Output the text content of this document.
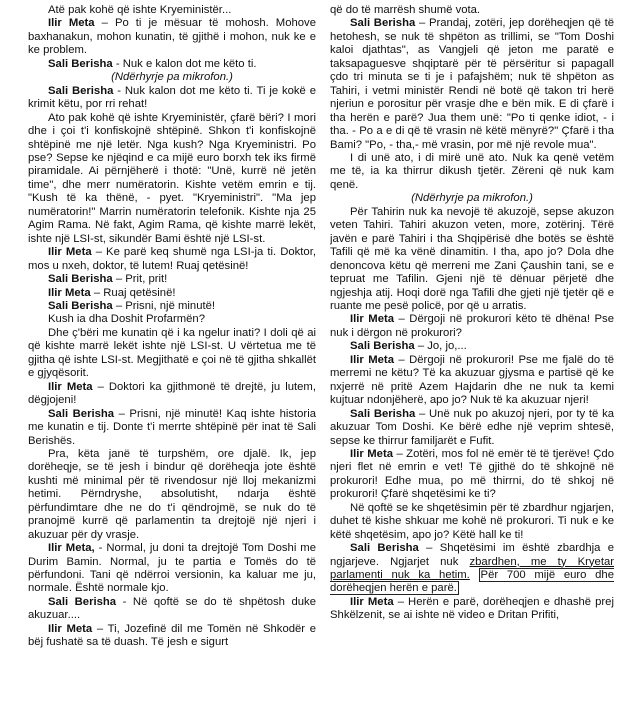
Atë pak kohë që ishte Kryeministër...

Ilir Meta – Po ti je mësuar të mohosh. Mohove baxhanakun, mohon kunatin, të gjithë i mohon, nuk ke e ke problem.

Sali Berisha - Nuk e kalon dot me këto ti.

(Ndërhyrje pa mikrofon.)

Sali Berisha - Nuk kalon dot me këto ti. Ti je kokë e krimit këtu, por rri rehat!

Ato pak kohë që ishte Kryeministër, çfarë bëri? I mori dhe i çoi t'i konfiskojnë shtëpinë. Shkon t'i konfiskojnë shtëpinë me një letër. Nga kush? Nga Kryeministri. Po pse? Sepse ke njëqind e ca mijë euro borxh tek iks firmë piramidale. Ai përnjëherë i thotë: "Unë, kurrë në jetën time", dhe merr numëratorin. Kishte vetëm emrin e tij. "Kush të ka thënë, - pyet. "Kryeministri". "Ma jep numëratorin!" Marrin numëratorin telefonik. Kishte nja 25 Agim Rama. Në fakt, Agim Rama, që kishte marrë lekët, ishte një LSI-st, sikundër Bami është një LSI-st.

Ilir Meta – Ke parë keq shumë nga LSI-ja ti. Doktor, mos u nxeh, doktor, të lutem! Ruaj qetësinë!

Sali Berisha – Prit, prit!

Ilir Meta – Ruaj qetësinë!

Sali Berisha – Prisni, një minutë!

Kush ia dha Doshit Profarmën?

Dhe ç'bëri me kunatin që i ka ngelur inati? I doli që ai që kishte marrë lekët ishte një LSI-st. U vërtetua me të gjitha që ishte LSI-st. Megjithatë e çoi në të gjitha shkallët e gjyqësorit.

Ilir Meta – Doktori ka gjithmonë të drejtë, ju lutem, dëgjojeni!

Sali Berisha – Prisni, një minutë! Kaq ishte historia me kunatin e tij. Donte t'i merrte shtëpinë për inat të Sali Berishës.

Pra, këta janë të turpshëm, ore djalë. Ik, jep dorëheqje, se të jesh i bindur që dorëheqja jote është kushti më minimal për të rivendosur një lloj mekanizmi hetimi. Përndryshe, absolutisht, ndarja është përfundimtare dhe ne do t'i qëndrojmë, se nuk do të pranojmë kurrë që parlamentin ta drejtojë një njeri i akuzuar për dy vrasje.

Ilir Meta, - Normal, ju doni ta drejtojë Tom Doshi me Durim Bamin. Normal, ju te partia e Tomës do të përfundoni. Tani që ndërroi versionin, ka kaluar me ju, normale. Është normale kjo.

Sali Berisha - Në qoftë se do të shpëtosh duke akuzuar....

Ilir Meta – Ti, Jozefinë dil me Tomën në Shkodër e bëj fushatë sa të duash. Të jesh e sigurt

që do të marrësh shumë vota.

Sali Berisha – Prandaj, zotëri, jep dorëheqjen që të hetohesh, se nuk të shpëton as trillimi, se "Tom Doshi kaloi djathtas", as Vangjeli që jeton me paratë e taksapaguesve shqiptarë për të përsëritur si papagall çdo tri minuta se ti je i pafajshëm; nuk të shpëton as Tahiri, i vetmi ministër Rendi në botë që takon tri herë njeriun e porositur për vrasje dhe e bën mik. E di çfarë i tha herën e parë? Jua them unë: "Po ti qenke idiot, - i tha. - Po a e di që të vrasin në këtë mënyrë?" Çfarë i tha Bami? "Po, - tha,- më vrasin, por më një revole mua".

I di unë ato, i di mirë unë ato. Nuk ka qenë vetëm me të, ia ka thirrur dikush tjetër. Zëreni që nuk kam qenë.

(Ndërhyrje pa mikrofon.)

Për Tahirin nuk ka nevojë të akuzojë, sepse akuzon veten Tahiri. Tahiri akuzon veten, more, zotërinj. Tërë javën e parë Tahiri i tha Shqipërisë dhe botës se është Tafili që më ka vënë dinamitin. I tha, apo jo? Dola dhe denoncova këtu që merreni me Zani Çaushin tani, se e tepruat me Tafilin. Gjeni një të dënuar përjetë dhe ngjeshja atij. Hoqi dorë nga Tafili dhe gjeti një tjetër që e ruante me pesë policë, por që u arratis.

Ilir Meta – Dërgoji në prokurori këto të dhëna! Pse nuk i dërgon në prokurori?

Sali Berisha – Jo, jo,...

Ilir Meta – Dërgoji në prokurori! Pse me fjalë do të merremi ne këtu? Të ka akuzuar gjysma e partisë që ke nxjerrë në pritë Azem Hajdarin dhe ne nuk ta kemi kujtuar ndonjëherë, apo jo? Nuk të ka akuzuar njeri!

Sali Berisha – Unë nuk po akuzoj njeri, por ty të ka akuzuar Tom Doshi. Ke bërë edhe një veprim shtesë, sepse ke thirrur familjarët e Fufit.

Ilir Meta – Zotëri, mos fol në emër të të tjerëve! Çdo njeri flet në emrin e vet! Të gjithë do të shkojnë në prokurori! Edhe mua, po më thirrni, do të shkoj në prokurori! Çfarë shqetësimi ke ti?

Në qoftë se ke shqetësimin për të zbardhur ngjarjen, duhet të kishe shkuar me kohë në prokurori. Ti nuk e ke këtë shqetësim, apo jo? Këtë hall ke ti!

Sali Berisha – Shqetësimi im është zbardhja e ngjarjeve. Ngjarjet nuk zbardhen, me ty Kryetar parlamenti nuk ka hetim. Për 700 mijë euro dhe dorëheqjen herën e parë.

Ilir Meta – Herën e parë, dorëheqjen e dhashë prej Shkëlzenit, se ai ishte në video e Dritan Prifiti,
